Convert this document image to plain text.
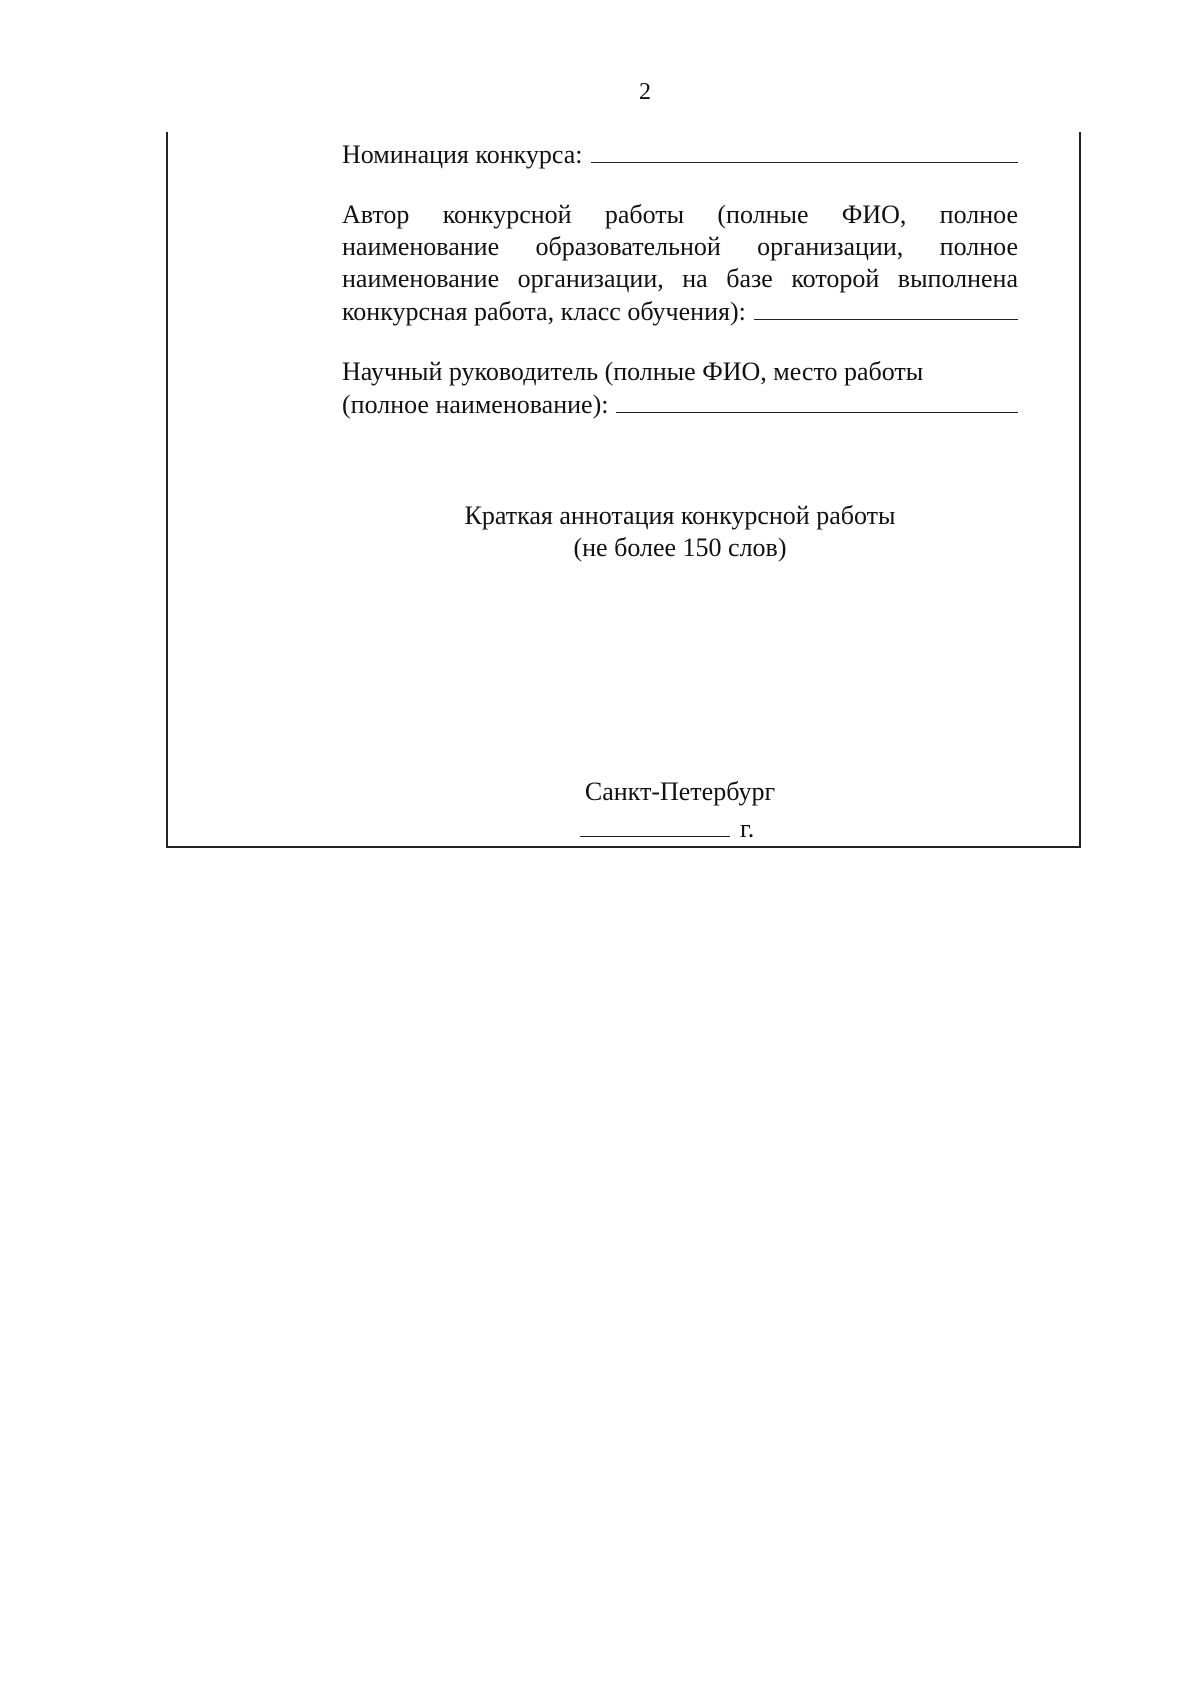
2
Номинация конкурса:
Автор конкурсной работы (полные ФИО, полное
наименование образовательной организации, полное
наименование организации, на базе которой выполнена
конкурсная работа, класс обучения):
Научный руководитель (полные ФИО, место работы
(полное наименование):
Краткая аннотация конкурсной работы
(не более 150 слов)
Санкт-Петербург
г.
